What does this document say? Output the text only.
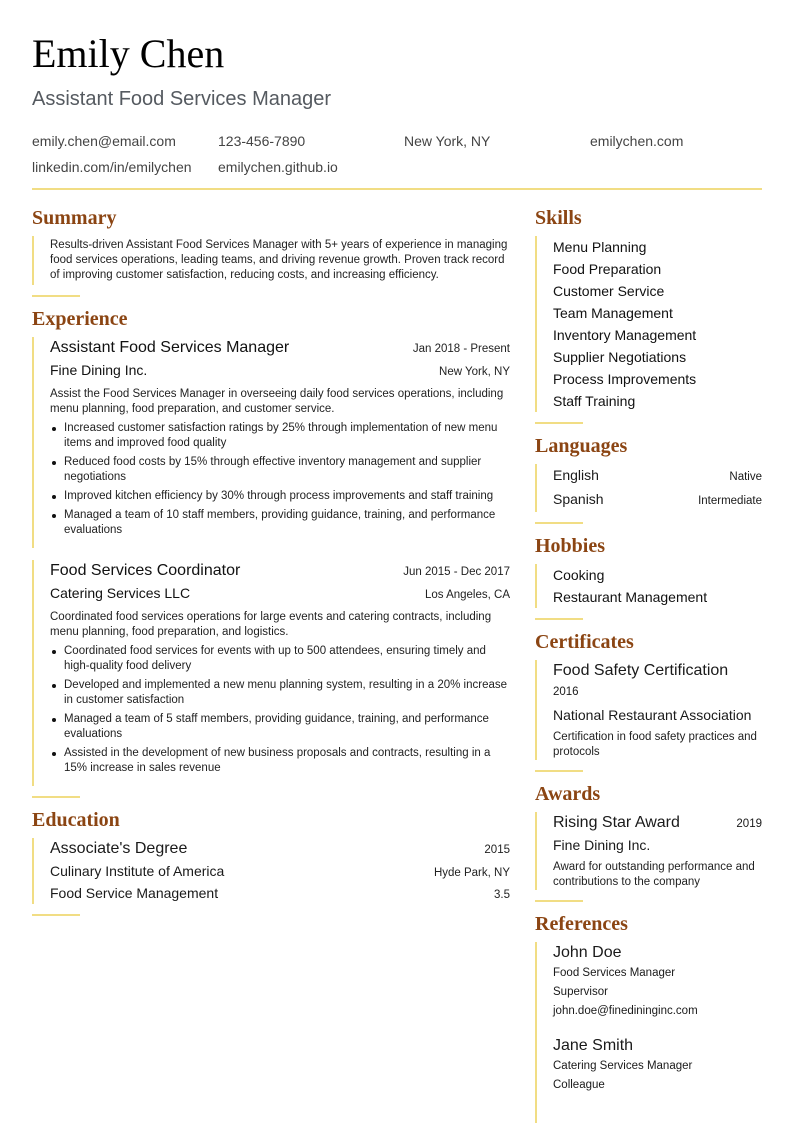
Emily Chen
Assistant Food Services Manager
emily.chen@email.com	123-456-7890	New York, NY	emilychen.com
linkedin.com/in/emilychen	emilychen.github.io
Summary
Results-driven Assistant Food Services Manager with 5+ years of experience in managing food services operations, leading teams, and driving revenue growth. Proven track record of improving customer satisfaction, reducing costs, and increasing efficiency.
Experience
Assistant Food Services Manager	Jan 2018 - Present
Fine Dining Inc.	New York, NY
Assist the Food Services Manager in overseeing daily food services operations, including menu planning, food preparation, and customer service.
Increased customer satisfaction ratings by 25% through implementation of new menu items and improved food quality
Reduced food costs by 15% through effective inventory management and supplier negotiations
Improved kitchen efficiency by 30% through process improvements and staff training
Managed a team of 10 staff members, providing guidance, training, and performance evaluations
Food Services Coordinator	Jun 2015 - Dec 2017
Catering Services LLC	Los Angeles, CA
Coordinated food services operations for large events and catering contracts, including menu planning, food preparation, and logistics.
Coordinated food services for events with up to 500 attendees, ensuring timely and high-quality food delivery
Developed and implemented a new menu planning system, resulting in a 20% increase in customer satisfaction
Managed a team of 5 staff members, providing guidance, training, and performance evaluations
Assisted in the development of new business proposals and contracts, resulting in a 15% increase in sales revenue
Education
Associate's Degree	2015
Culinary Institute of America	Hyde Park, NY
Food Service Management	3.5
Skills
Menu Planning
Food Preparation
Customer Service
Team Management
Inventory Management
Supplier Negotiations
Process Improvements
Staff Training
Languages
English	Native
Spanish	Intermediate
Hobbies
Cooking
Restaurant Management
Certificates
Food Safety Certification
2016
National Restaurant Association
Certification in food safety practices and protocols
Awards
Rising Star Award	2019
Fine Dining Inc.
Award for outstanding performance and contributions to the company
References
John Doe
Food Services Manager
Supervisor
john.doe@finedininginc.com
Jane Smith
Catering Services Manager
Colleague
